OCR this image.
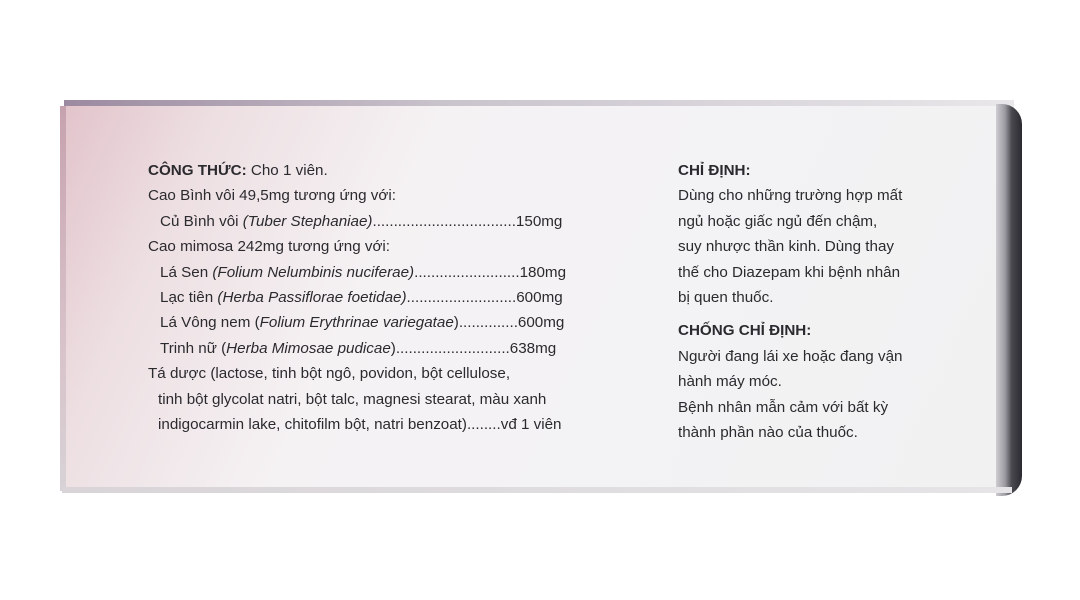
CÔNG THỨC: Cho 1 viên.
Cao Bình vôi 49,5mg tương ứng với:
Củ Bình vôi (Tuber Stephaniae)..................................150mg
Cao mimosa 242mg tương ứng với:
Lá Sen (Folium Nelumbinis nuciferae).........................180mg
Lạc tiên (Herba Passiflorae foetidae)..........................600mg
Lá Vông nem (Folium Erythrinae variegatae)..............600mg
Trinh nữ (Herba Mimosae pudicae)...........................638mg
Tá dược (lactose, tinh bột ngô, povidon, bột cellulose,
tinh bột glycolat natri, bột talc, magnesi stearat, màu xanh
indigocarmin lake, chitofilm bột, natri benzoat)........vđ 1 viên
CHỈ ĐỊNH:
Dùng cho những trường hợp mất
ngủ hoặc giấc ngủ đến chậm,
suy nhược thần kinh. Dùng thay
thế cho Diazepam khi bệnh nhân
bị quen thuốc.
CHỐNG CHỈ ĐỊNH:
Người đang lái xe hoặc đang vận
hành máy móc.
Bệnh nhân mẫn cảm với bất kỳ
thành phần nào của thuốc.
